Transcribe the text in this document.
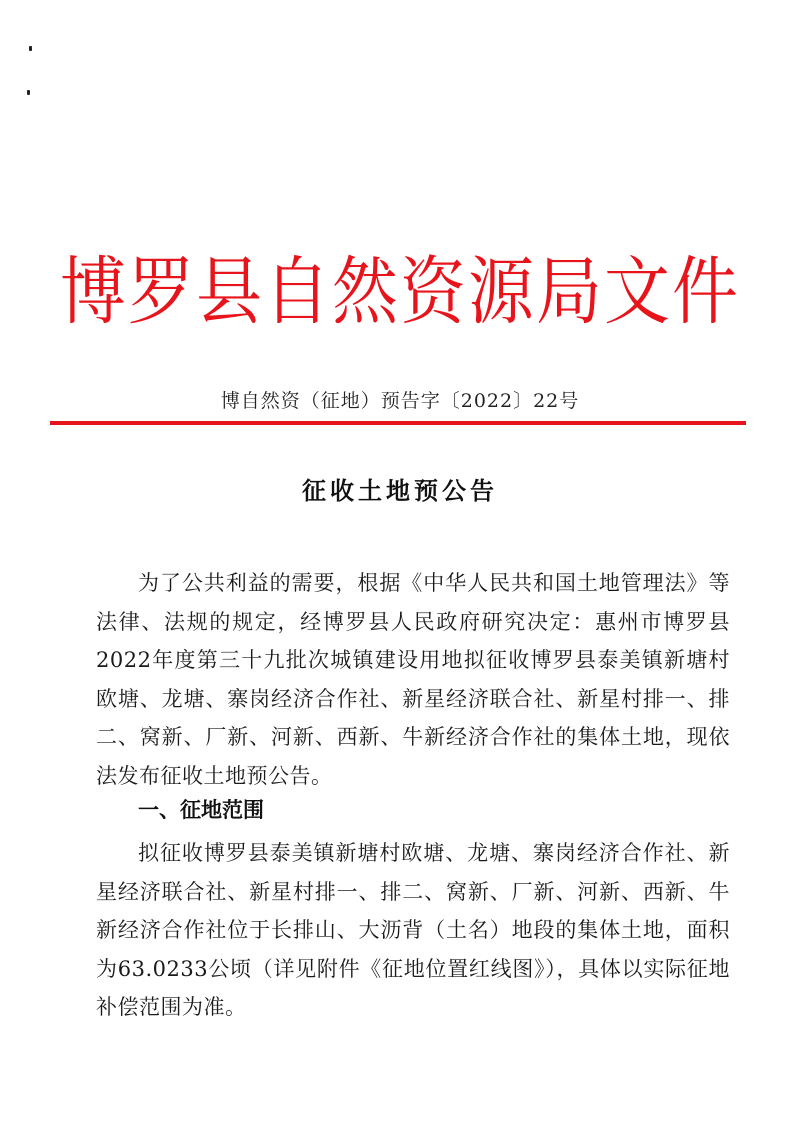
博罗县自然资源局文件
博自然资（征地）预告字〔2022〕22号
征收土地预公告
为了公共利益的需要，根据《中华人民共和国土地管理法》等法律、法规的规定，经博罗县人民政府研究决定：惠州市博罗县2022年度第三十九批次城镇建设用地拟征收博罗县泰美镇新塘村欧塘、龙塘、寨岗经济合作社、新星经济联合社、新星村排一、排二、窝新、厂新、河新、西新、牛新经济合作社的集体土地，现依法发布征收土地预公告。
一、征地范围
拟征收博罗县泰美镇新塘村欧塘、龙塘、寨岗经济合作社、新星经济联合社、新星村排一、排二、窝新、厂新、河新、西新、牛新经济合作社位于长排山、大沥背（土名）地段的集体土地，面积为63.0233公顷（详见附件《征地位置红线图》），具体以实际征地补偿范围为准。
